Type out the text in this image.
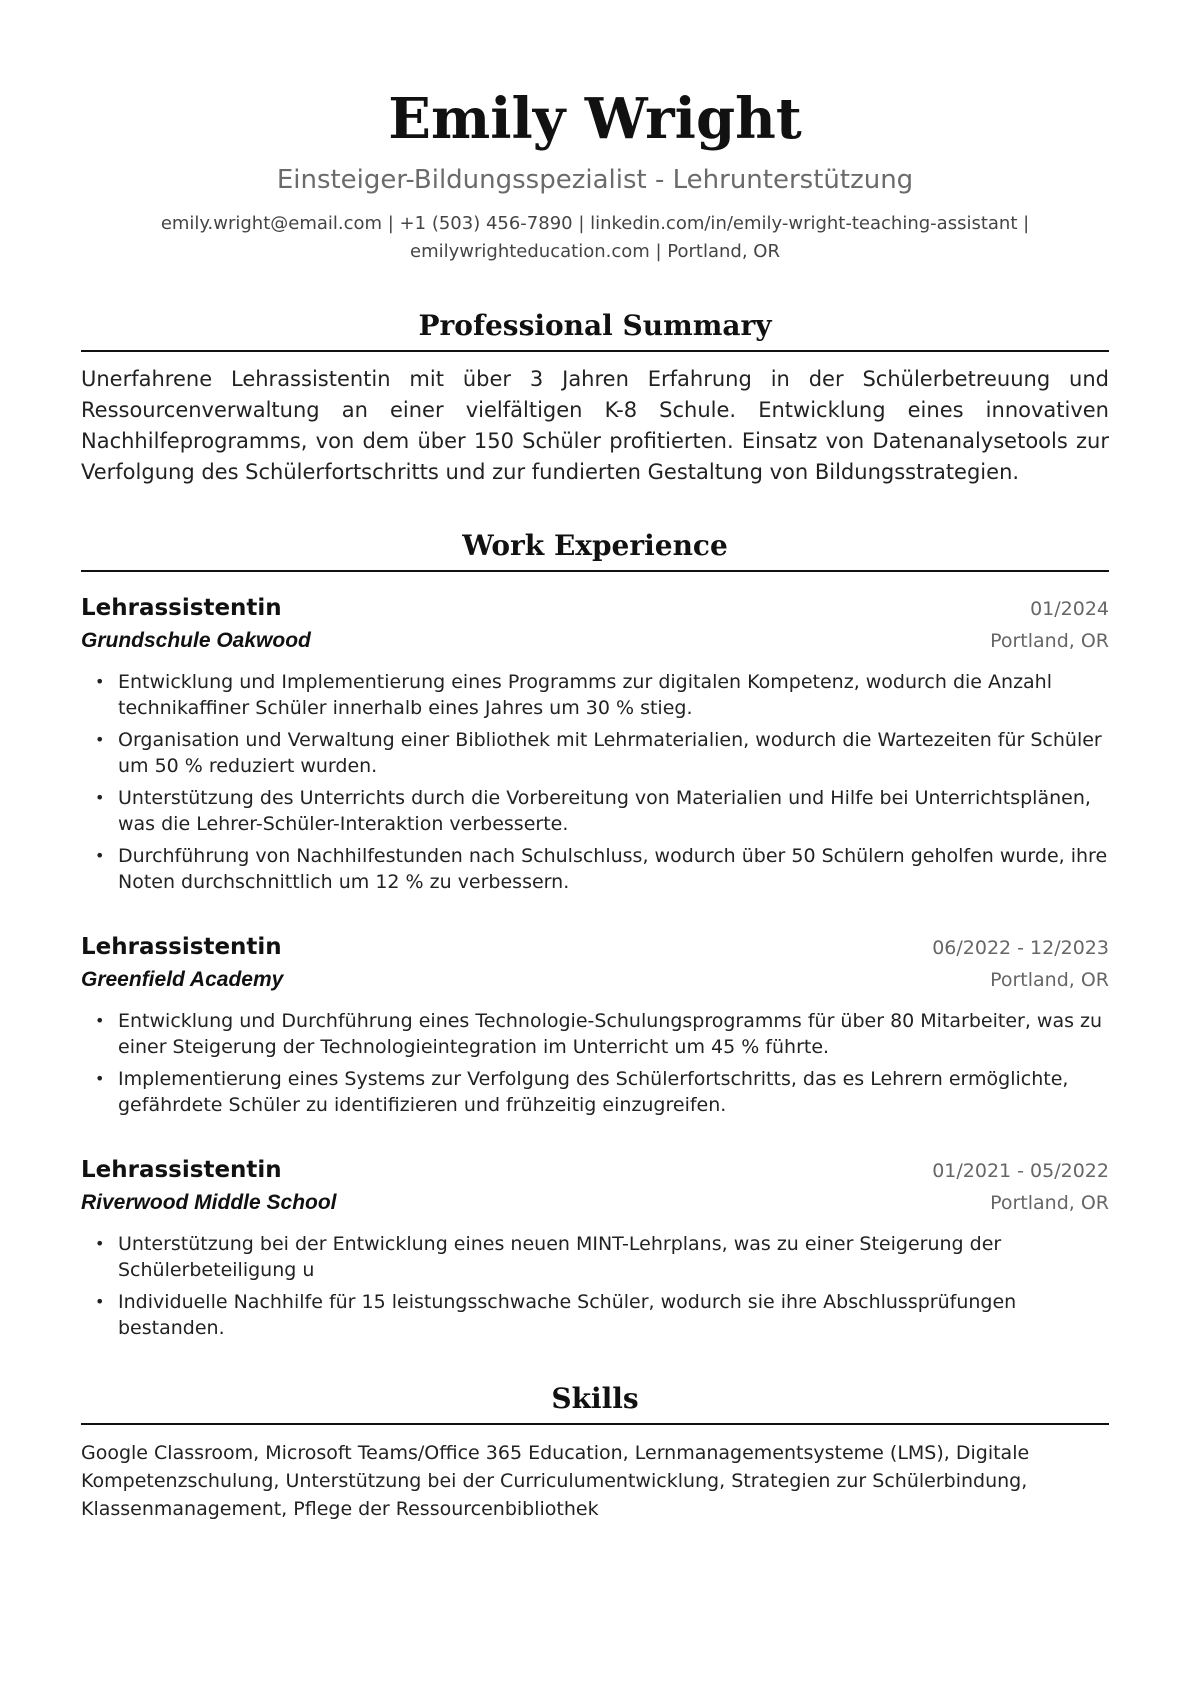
Emily Wright
Einsteiger-Bildungsspezialist - Lehrunterstützung
emily.wright@email.com | +1 (503) 456-7890 | linkedin.com/in/emily-wright-teaching-assistant |
emilywrighteducation.com | Portland, OR
Professional Summary
Unerfahrene Lehrassistentin mit über 3 Jahren Erfahrung in der Schülerbetreuung und Ressourcenverwaltung an einer vielfältigen K-8 Schule. Entwicklung eines innovativen Nachhilfeprogramms, von dem über 150 Schüler profitierten. Einsatz von Datenanalysetools zur Verfolgung des Schülerfortschritts und zur fundierten Gestaltung von Bildungsstrategien.
Work Experience
Lehrassistentin	01/2024
Grundschule Oakwood	Portland, OR
• Entwicklung und Implementierung eines Programms zur digitalen Kompetenz, wodurch die Anzahl technikaffiner Schüler innerhalb eines Jahres um 30 % stieg.
• Organisation und Verwaltung einer Bibliothek mit Lehrmaterialien, wodurch die Wartezeiten für Schüler um 50 % reduziert wurden.
• Unterstützung des Unterrichts durch die Vorbereitung von Materialien und Hilfe bei Unterrichtsplänen, was die Lehrer-Schüler-Interaktion verbesserte.
• Durchführung von Nachhilfestunden nach Schulschluss, wodurch über 50 Schülern geholfen wurde, ihre Noten durchschnittlich um 12 % zu verbessern.
Lehrassistentin	06/2022 - 12/2023
Greenfield Academy	Portland, OR
• Entwicklung und Durchführung eines Technologie-Schulungsprogramms für über 80 Mitarbeiter, was zu einer Steigerung der Technologieintegration im Unterricht um 45 % führte.
• Implementierung eines Systems zur Verfolgung des Schülerfortschritts, das es Lehrern ermöglichte, gefährdete Schüler zu identifizieren und frühzeitig einzugreifen.
Lehrassistentin	01/2021 - 05/2022
Riverwood Middle School	Portland, OR
• Unterstützung bei der Entwicklung eines neuen MINT-Lehrplans, was zu einer Steigerung der Schülerbeteiligung u
• Individuelle Nachhilfe für 15 leistungsschwache Schüler, wodurch sie ihre Abschlussprüfungen bestanden.
Skills
Google Classroom, Microsoft Teams/Office 365 Education, Lernmanagementsysteme (LMS), Digitale Kompetenzschulung, Unterstützung bei der Curriculumentwicklung, Strategien zur Schülerbindung, Klassenmanagement, Pflege der Ressourcenbibliothek
